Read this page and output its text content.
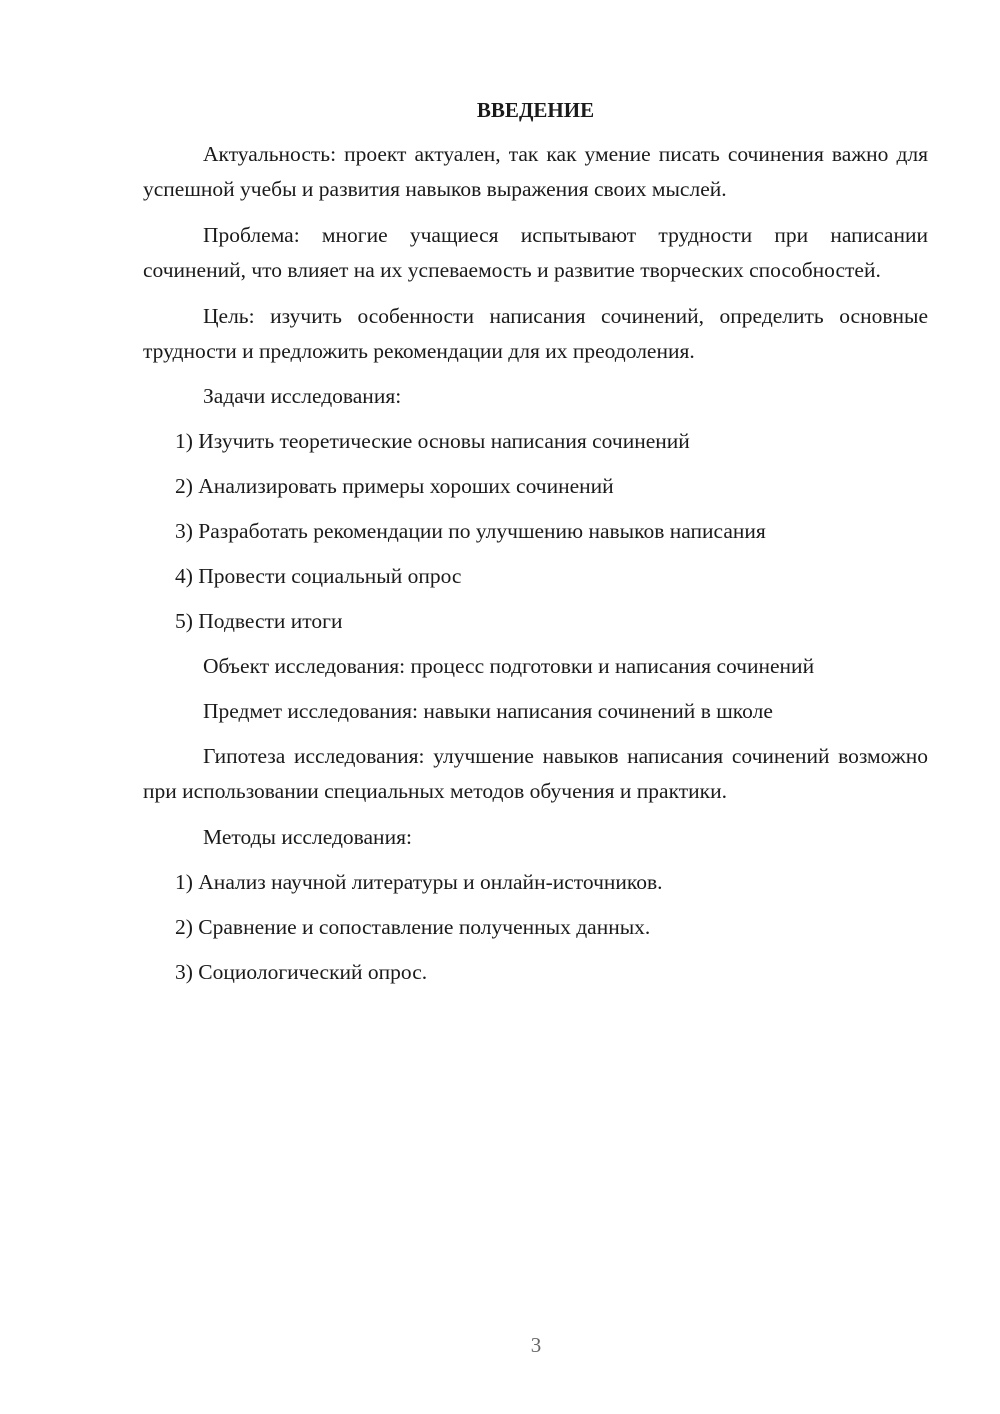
ВВЕДЕНИЕ

Актуальность: проект актуален, так как умение писать сочинения важно для успешной учебы и развития навыков выражения своих мыслей.

Проблема: многие учащиеся испытывают трудности при написании сочинений, что влияет на их успеваемость и развитие творческих способностей.

Цель: изучить особенности написания сочинений, определить основные трудности и предложить рекомендации для их преодоления.

Задачи исследования:

1) Изучить теоретические основы написания сочинений

2) Анализировать примеры хороших сочинений

3) Разработать рекомендации по улучшению навыков написания

4) Провести социальный опрос

5) Подвести итоги

Объект исследования: процесс подготовки и написания сочинений

Предмет исследования: навыки написания сочинений в школе

Гипотеза исследования: улучшение навыков написания сочинений возможно при использовании специальных методов обучения и практики.

Методы исследования:

1) Анализ научной литературы и онлайн-источников.

2) Сравнение и сопоставление полученных данных.

3) Социологический опрос.

3
